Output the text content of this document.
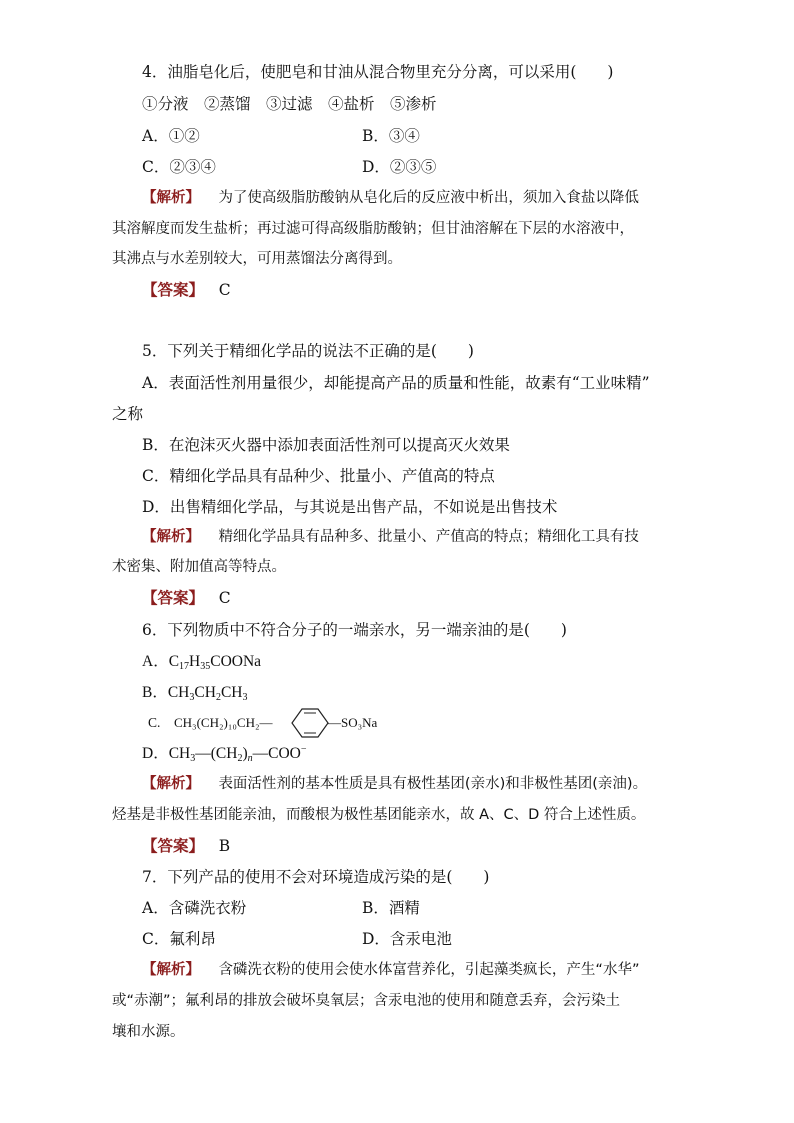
4．油脂皂化后，使肥皂和甘油从混合物里充分分离，可以采用(　　)
①分液　②蒸馏　③过滤　④盐析　⑤渗析
A．①②	B．③④
C．②③④	D．②③⑤
【解析】 为了使高级脂肪酸钠从皂化后的反应液中析出，须加入食盐以降低
其溶解度而发生盐析；再过滤可得高级脂肪酸钠；但甘油溶解在下层的水溶液中，
其沸点与水差别较大，可用蒸馏法分离得到。
【答案】 C
5．下列关于精细化学品的说法不正确的是(　　)
A．表面活性剂用量很少，却能提高产品的质量和性能，故素有“工业味精”
之称
B．在泡沫灭火器中添加表面活性剂可以提高灭火效果
C．精细化学品具有品种少、批量小、产值高的特点
D．出售精细化学品，与其说是出售产品，不如说是出售技术
【解析】 精细化学品具有品种多、批量小、产值高的特点；精细化工具有技
术密集、附加值高等特点。
【答案】 C
6．下列物质中不符合分子的一端亲水，另一端亲油的是(　　)
A．$C_{17}H_{35}COONa$
B．$CH_3CH_2CH_3$
C. CH₃(CH₂)₁₀CH₂—	—SO₃Na
D．$CH_3—(CH_2)_n—COO^-$
【解析】 表面活性剂的基本性质是具有极性基团(亲水)和非极性基团(亲油)。
烃基是非极性基团能亲油，而酸根为极性基团能亲水，故 A、C、D 符合上述性质。
【答案】 B
7．下列产品的使用不会对环境造成污染的是(　　)
A．含磷洗衣粉	B．酒精
C．氟利昂	D．含汞电池
【解析】 含磷洗衣粉的使用会使水体富营养化，引起藻类疯长，产生“水华”
或“赤潮”；氟利昂的排放会破坏臭氧层；含汞电池的使用和随意丢弃，会污染土
壤和水源。
